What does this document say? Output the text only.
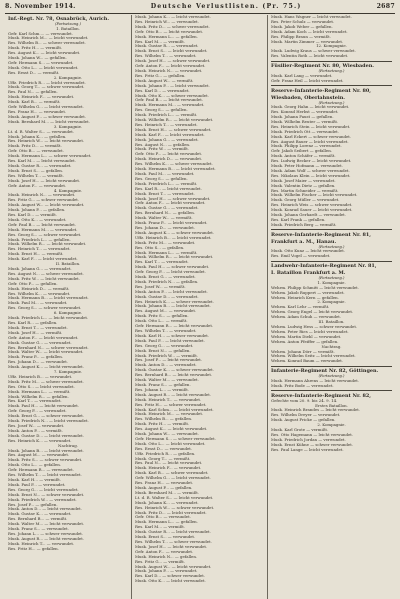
8. November 1914.	Deutsche Verlustlisten. (Pr. 75.)	2687
Inf.-Regt. Nr. 78, Osnabrück, Aurich.
(Fortsetzung.)
1. Bataillon.
Gefr. Karl Schm.... — verwundet.
Musk. Heinrich M... — leicht verwundet.
Res. Wilhelm B... — schwer verwundet.
Musk. Fritz H... — vermißt.
Res. August K... — leicht verwundet.
Musk. Johann W... — gefallen.
Gefr. Hermann S... — verwundet.
Musk. Otto L... — leicht verwundet.
Res. Ernst D... — vermißt.
2. Kompagnie.
Uffz. Friedrich R... — leicht verwundet.
Musk. Georg T... — schwer verwundet.
Res. Paul N... — gefallen.
Musk. Heinrich F... — verwundet.
Musk. Karl B... — vermißt.
Gefr. Wilhelm G... — leicht verwundet.
Res. Franz H... — verwundet.
Musk. August P... — schwer verwundet.
Musk. Bernhard M... — leicht verwundet.
3. Kompagnie.
Lt. d. R. Walter S... — verwundet.
Musk. Johann K... — gefallen.
Res. Heinrich W... — leicht verwundet.
Musk. Fritz D... — vermißt.
Gefr. Otto B... — verwundet.
Musk. Hermann L... — schwer verwundet.
Res. Karl M... — leicht verwundet.
Musk. Gustav R... — verwundet.
Musk. Ernst S... — gefallen.
Res. Wilhelm T... — vermißt.
Musk. Josef H... — leicht verwundet.
Gefr. Anton F... — verwundet.
4. Kompagnie.
Musk. Heinrich N... — verwundet.
Res. Fritz G... — schwer verwundet.
Musk. August W... — leicht verwundet.
Musk. Johann P... — gefallen.
Res. Karl D... — vermißt.
Musk. Otto K... — verwundet.
Gefr. Paul B... — leicht verwundet.
Musk. Hermann M... — verwundet.
Res. Georg S... — schwer verwundet.
Musk. Friedrich L... — gefallen.
Musk. Wilhelm R... — leicht verwundet.
Res. Heinrich T... — verwundet.
Musk. Ernst H... — vermißt.
Musk. Karl F... — leicht verwundet.
II. Bataillon.
Musk. Johann G... — verwundet.
Res. August N... — schwer verwundet.
Musk. Fritz W... — leicht verwundet.
Gefr. Otto P... — gefallen.
Musk. Heinrich D... — vermißt.
Res. Wilhelm K... — verwundet.
Musk. Hermann B... — leicht verwundet.
Musk. Paul M... — verwundet.
Res. Georg S... — schwer verwundet.
6. Kompagnie.
Musk. Friedrich L... — leicht verwundet.
Res. Karl R... — gefallen.
Musk. Ernst T... — verwundet.
Musk. Josef H... — vermißt.
Gefr. Anton F... — leicht verwundet.
Musk. Gustav G... — verwundet.
Res. Bernhard N... — schwer verwundet.
Musk. Walter W... — leicht verwundet.
Musk. Franz P... — gefallen.
Res. Johann D... — verwundet.
Musk. August K... — leicht verwundet.
7. Kompagnie.
Uffz. Heinrich B... — verwundet.
Musk. Fritz M... — schwer verwundet.
Res. Otto S... — leicht verwundet.
Musk. Hermann L... — vermißt.
Musk. Wilhelm R... — gefallen.
Res. Karl T... — verwundet.
Musk. Paul H... — leicht verwundet.
Gefr. Georg F... — verwundet.
Musk. Ernst G... — schwer verwundet.
Musk. Friedrich N... — leicht verwundet.
Res. Josef W... — verwundet.
Musk. Anton P... — vermißt.
Musk. Gustav D... — leicht verwundet.
Res. Heinrich K... — verwundet.
Nachtrag.
Musk. Johann B... — leicht verwundet.
Res. August M... — verwundet.
Musk. Fritz S... — schwer verwundet.
Musk. Otto L... — gefallen.
Gefr. Hermann R... — verwundet.
Res. Wilhelm T... — leicht verwundet.
Musk. Karl H... — vermißt.
Musk. Paul F... — verwundet.
Res. Georg G... — leicht verwundet.
Musk. Ernst N... — schwer verwundet.
Musk. Friedrich W... — verwundet.
Res. Josef P... — gefallen.
Musk. Anton D... — leicht verwundet.
Musk. Gustav K... — verwundet.
Res. Bernhard B... — vermißt.
Musk. Walter M... — leicht verwundet.
Musk. Franz S... — verwundet.
Res. Johann L... — schwer verwundet.
Musk. August R... — leicht verwundet.
Musk. Heinrich T... — verwundet.
Res. Fritz H... — gefallen.
Musk. Johann K... — leicht verwundet.
Res. Heinrich W... — verwundet.
Musk. Fritz D... — schwer verwundet.
Gefr. Otto B... — leicht verwundet.
Musk. Hermann L... — gefallen.
Res. Karl M... — vermißt.
Musk. Gustav R... — verwundet.
Musk. Ernst S... — leicht verwundet.
Res. Wilhelm T... — verwundet.
Musk. Josef H... — schwer verwundet.
Gefr. Anton F... — leicht verwundet.
Musk. Heinrich N... — verwundet.
Res. Fritz G... — gefallen.
Musk. August W... — vermißt.
Musk. Johann P... — leicht verwundet.
Res. Karl D... — verwundet.
Musk. Otto K... — schwer verwundet.
Gefr. Paul B... — leicht verwundet.
Musk. Hermann M... — verwundet.
Res. Georg S... — gefallen.
Musk. Friedrich L... — vermißt.
Musk. Wilhelm R... — leicht verwundet.
Res. Heinrich T... — verwundet.
Musk. Ernst H... — schwer verwundet.
Musk. Karl F... — leicht verwundet.
Musk. Johann G... — verwundet.
Res. August N... — gefallen.
Musk. Fritz W... — vermißt.
Gefr. Otto P... — leicht verwundet.
Musk. Heinrich D... — verwundet.
Res. Wilhelm K... — schwer verwundet.
Musk. Hermann B... — leicht verwundet.
Musk. Paul M... — verwundet.
Res. Georg S... — gefallen.
Musk. Friedrich L... — vermißt.
Res. Karl R... — leicht verwundet.
Musk. Ernst T... — verwundet.
Musk. Josef H... — schwer verwundet.
Gefr. Anton F... — leicht verwundet.
Musk. Gustav G... — verwundet.
Res. Bernhard N... — gefallen.
Musk. Walter W... — vermißt.
Musk. Franz P... — leicht verwundet.
Res. Johann D... — verwundet.
Musk. August K... — schwer verwundet.
Uffz. Heinrich B... — leicht verwundet.
Musk. Fritz M... — verwundet.
Res. Otto S... — gefallen.
Musk. Hermann L... — vermißt.
Musk. Wilhelm R... — leicht verwundet.
Res. Karl T... — verwundet.
Musk. Paul H... — schwer verwundet.
Gefr. Georg F... — leicht verwundet.
Musk. Ernst G... — verwundet.
Musk. Friedrich N... — gefallen.
Res. Josef W... — vermißt.
Musk. Anton P... — leicht verwundet.
Musk. Gustav D... — verwundet.
Res. Heinrich K... — schwer verwundet.
Musk. Johann B... — leicht verwundet.
Res. August M... — verwundet.
Musk. Fritz S... — gefallen.
Musk. Otto L... — vermißt.
Gefr. Hermann R... — leicht verwundet.
Res. Wilhelm T... — verwundet.
Musk. Karl H... — schwer verwundet.
Musk. Paul F... — leicht verwundet.
Res. Georg G... — verwundet.
Musk. Ernst N... — gefallen.
Musk. Friedrich W... — vermißt.
Res. Josef P... — leicht verwundet.
Musk. Anton D... — verwundet.
Musk. Gustav K... — schwer verwundet.
Res. Bernhard B... — leicht verwundet.
Musk. Walter M... — verwundet.
Musk. Franz S... — gefallen.
Res. Johann L... — vermißt.
Musk. August R... — leicht verwundet.
Musk. Heinrich T... — verwundet.
Res. Fritz H... — schwer verwundet.
Musk. Karl Schm... — leicht verwundet.
Musk. Heinrich M... — verwundet.
Res. Wilhelm B... — gefallen.
Musk. Fritz H... — vermißt.
Res. August K... — leicht verwundet.
Musk. Johann W... — verwundet.
Gefr. Hermann S... — schwer verwundet.
Musk. Otto L... — leicht verwundet.
Res. Ernst D... — verwundet.
Uffz. Friedrich R... — gefallen.
Musk. Georg T... — vermißt.
Res. Paul N... — leicht verwundet.
Musk. Heinrich F... — verwundet.
Musk. Karl B... — schwer verwundet.
Gefr. Wilhelm G... — leicht verwundet.
Res. Franz H... — verwundet.
Musk. August P... — gefallen.
Musk. Bernhard M... — vermißt.
Lt. d. R. Walter S... — leicht verwundet.
Musk. Johann K... — verwundet.
Res. Heinrich W... — schwer verwundet.
Musk. Fritz D... — leicht verwundet.
Gefr. Otto B... — verwundet.
Musk. Hermann L... — gefallen.
Res. Karl M... — vermißt.
Musk. Gustav R... — leicht verwundet.
Musk. Ernst S... — verwundet.
Res. Wilhelm T... — schwer verwundet.
Musk. Josef H... — leicht verwundet.
Gefr. Anton F... — verwundet.
Musk. Heinrich N... — gefallen.
Res. Fritz G... — vermißt.
Musk. August W... — leicht verwundet.
Musk. Johann P... — verwundet.
Res. Karl D... — schwer verwundet.
Musk. Otto K... — leicht verwundet.
Musk. Hans Wagner — leicht verwundet.
Res. Peter Schulz — verwundet.
Musk. Jakob Weber — gefallen.
Musk. Adam Koch — leicht verwundet.
Res. Philipp Braun — vermißt.
Musk. Martin Zimmer — verwundet.
12. Kompagnie.
Musk. Ludwig Kraus — schwer verwundet.
Res. Valentin Roth — leicht verwundet.
Füsilier-Regiment Nr. 80, Wiesbaden.
(Fortsetzung.)
Musk. Karl Lang — verwundet.
Gefr. Franz Heil — leicht verwundet.
Reserve-Infanterie-Regiment Nr. 80,
Wiesbaden, Oberlahnstein.
(Fortsetzung.)
Musk. Georg Hahn — leicht verwundet.
Res. Konrad Herbst — verwundet.
Musk. Johann Faust — gefallen.
Musk. Wilhelm Reuter — vermißt.
Res. Heinrich Stein — leicht verwundet.
Musk. Friedrich Ott — verwundet.
Musk. Karl Eckert — schwer verwundet.
Res. August Bauer — leicht verwundet.
Musk. Philipp Lorenz — verwundet.
Gefr. Jakob Seibert — gefallen.
Musk. Anton Schäfer — vermißt.
Res. Ludwig Becker — leicht verwundet.
Musk. Peter Hofmann — verwundet.
Musk. Adam Wolf — schwer verwundet.
Res. Nikolaus Klein — leicht verwundet.
Musk. Josef Maier — verwundet.
Musk. Valentin Dietz — gefallen.
Res. Martin Schneider — vermißt.
Musk. Wilhelm Fischer — leicht verwundet.
Musk. Georg Müller — verwundet.
Res. Heinrich Weis — schwer verwundet.
Musk. Konrad Sauer — leicht verwundet.
Musk. Johann Gerhardt — verwundet.
Res. Karl Frank — gefallen.
Musk. Friedrich Berg — vermißt.
Reserve-Infanterie-Regiment Nr. 81,
Frankfurt a. M., Hanau.
(Fortsetzung.)
Musk. Otto Kunz — leicht verwundet.
Res. Emil Vogel — verwundet.
Landwehr-Infanterie-Regiment Nr. 81,
I. Bataillon Frankfurt a. M.
(Fortsetzung.)
1. Kompagnie.
Wehrm. Philipp Schmitt — leicht verwundet.
Wehrm. Jakob Ruppert — verwundet.
Wehrm. Heinrich Kern — gefallen.
2. Kompagnie.
Wehrm. Karl Lehr — vermißt.
Wehrm. Georg Engel — leicht verwundet.
Wehrm. Adam Schuh — verwundet.
III. Bataillon.
Wehrm. Ludwig Hess — schwer verwundet.
Wehrm. Peter Ries — leicht verwundet.
Wehrm. Martin Diehl — verwundet.
Wehrm. Anton Pfeiffer — gefallen.
Nachtrag.
Wehrm. Johann Dörr — vermißt.
Wehrm. Wilhelm Seitz — leicht verwundet.
Wehrm. Konrad Baum — verwundet.
Infanterie-Regiment Nr. 82, Göttingen.
(Fortsetzung.)
Musk. Hermann Ahrens — leicht verwundet.
Musk. Fritz Bode — verwundet.
Reserve-Infanterie-Regiment Nr. 82,
Gefechte vom 20. 9. bis 24. 9. 14.
Erstes Bataillon.
Musk. Heinrich Brandes — leicht verwundet.
Res. Wilhelm Dreyer — verwundet.
Musk. August Fricke — gefallen.
2. Kompagnie.
Musk. Karl Grote — vermißt.
Res. Otto Hagemann — leicht verwundet.
Musk. Friedrich Jordan — verwundet.
Musk. Ernst Kühne — schwer verwundet.
Res. Paul Lange — leicht verwundet.
